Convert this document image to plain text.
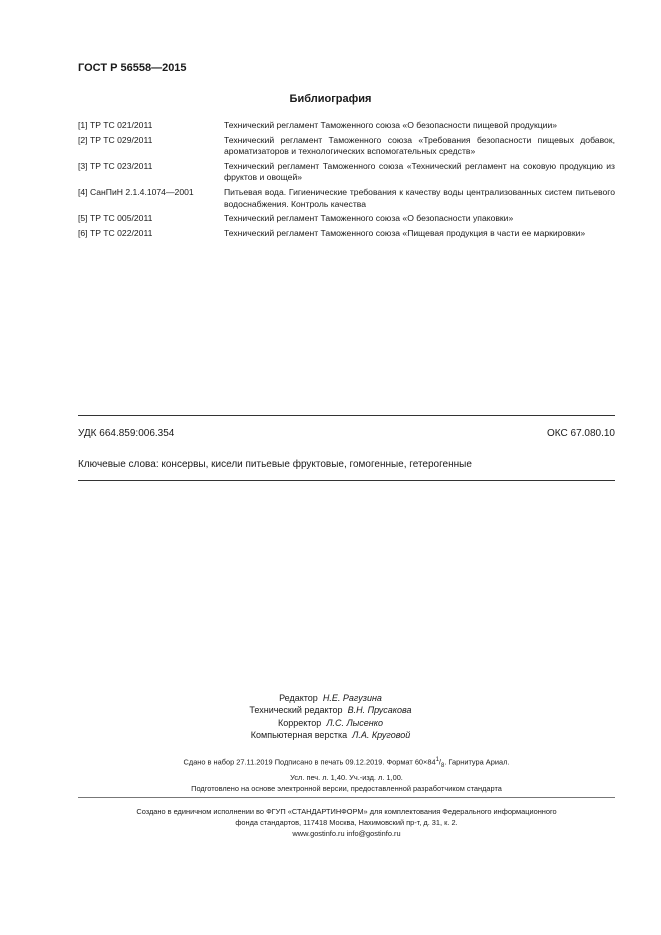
ГОСТ Р 56558—2015
Библиография
[1] ТР ТС 021/2011	Технический регламент Таможенного союза «О безопасности пищевой продукции»
[2] ТР ТС 029/2011	Технический регламент Таможенного союза «Требования безопасности пищевых добавок, ароматизаторов и технологических вспомогательных средств»
[3] ТР ТС 023/2011	Технический регламент Таможенного союза «Технический регламент на соковую продукцию из фруктов и овощей»
[4] СанПиН 2.1.4.1074—2001	Питьевая вода. Гигиенические требования к качеству воды централизованных систем питьевого водоснабжения. Контроль качества
[5] ТР ТС 005/2011	Технический регламент Таможенного союза «О безопасности упаковки»
[6] ТР ТС 022/2011	Технический регламент Таможенного союза «Пищевая продукция в части ее маркировки»
УДК 664.859:006.354	ОКС 67.080.10
Ключевые слова: консервы, кисели питьевые фруктовые, гомогенные, гетерогенные
Редактор Н.Е. Рагузина
Технический редактор В.Н. Прусакова
Корректор Л.С. Лысенко
Компьютерная верстка Л.А. Круговой
Сдано в набор 27.11.2019 Подписано в печать 09.12.2019. Формат $60\times 84^1/_8$. Гарнитура Ариал.
Усл. печ. л. 1,40. Уч.-изд. л. 1,00.
Подготовлено на основе электронной версии, предоставленной разработчиком стандарта
Создано в единичном исполнении во ФГУП «СТАНДАРТИНФОРМ» для комплектования Федерального информационного
фонда стандартов, 117418 Москва, Нахимовский пр-т, д. 31, к. 2.
www.gostinfo.ru info@gostinfo.ru
